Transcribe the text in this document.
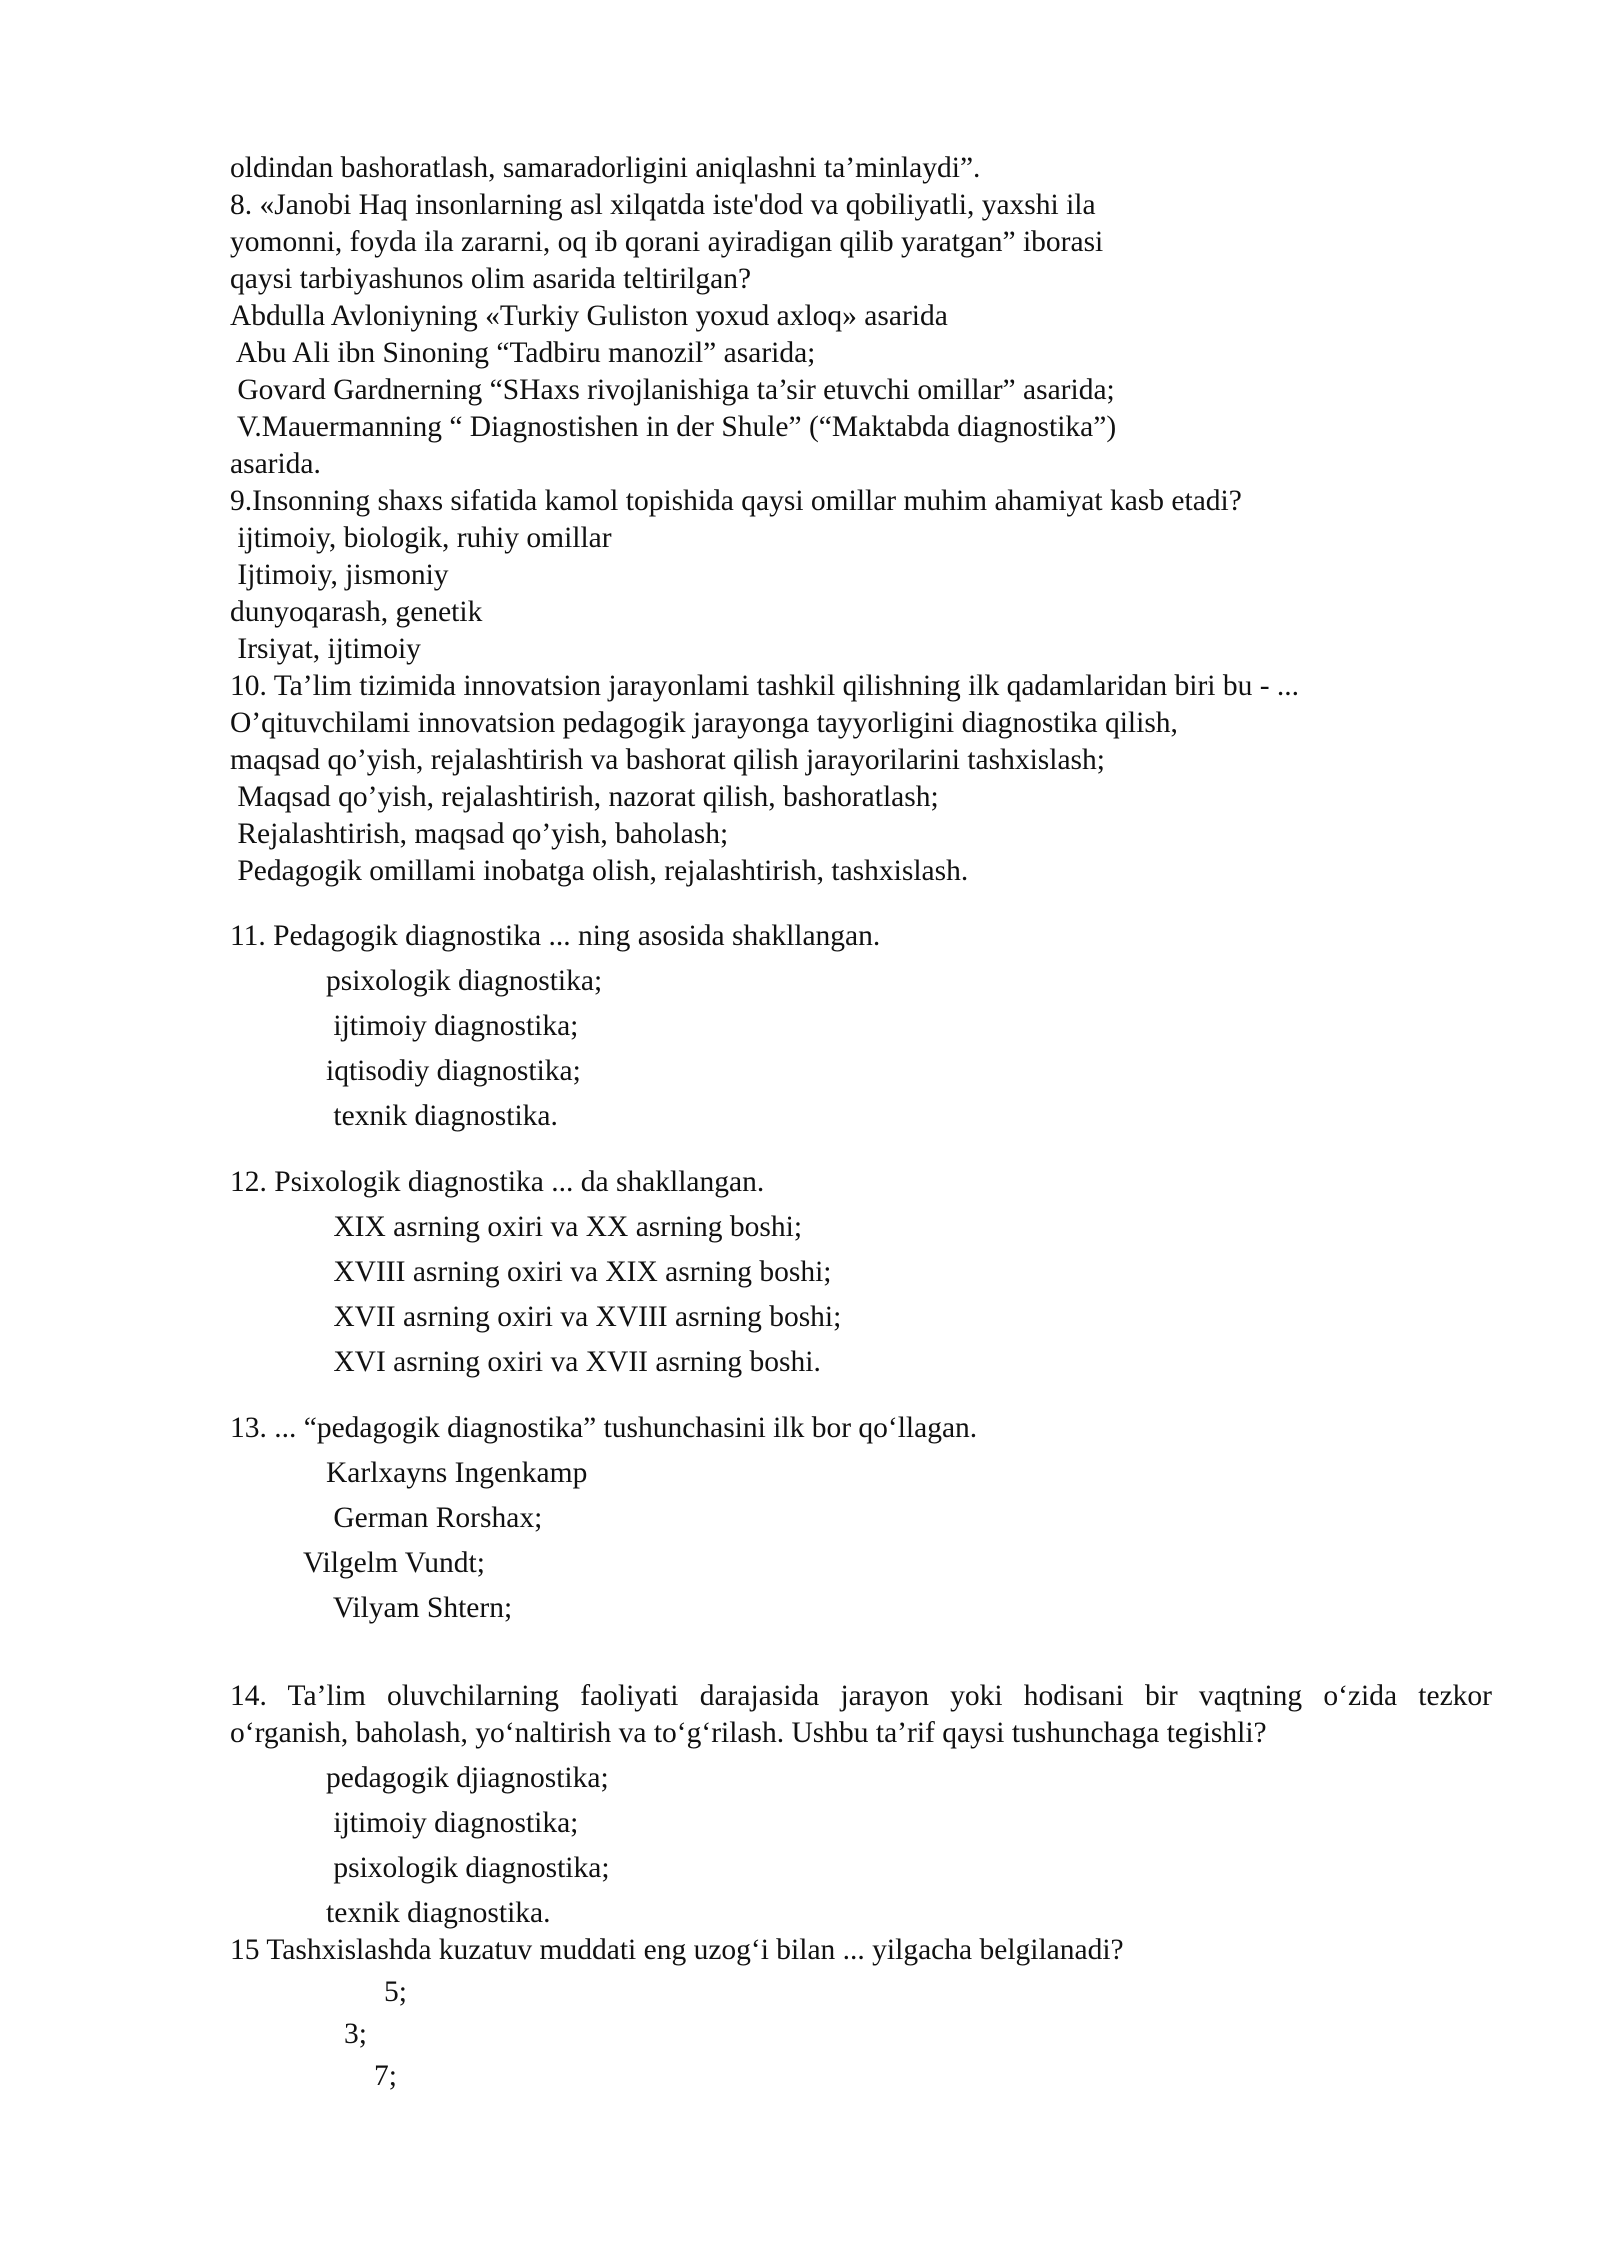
oldindan bashoratlash, samaradorligini aniqlashni ta’minlaydi”.
8. «Janobi Haq insonlarning asl xilqatda iste'dod va qobiliyatli, yaxshi ila
yomonni, foyda ila zararni, oq ib qorani ayiradigan qilib yaratgan” iborasi
qaysi tarbiyashunos olim asarida teltirilgan?
Abdulla Avloniyning «Turkiy Guliston yoxud axloq» asarida
Abu Ali ibn Sinoning “Tadbiru manozil” asarida;
Govard Gardnerning “SHaxs rivojlanishiga ta’sir etuvchi omillar” asarida;
V.Mauermanning “ Diagnostishen in der Shule” (“Maktabda diagnostika”)
asarida.
9.Insonning shaxs sifatida kamol topishida qaysi omillar muhim ahamiyat kasb etadi?
ijtimoiy, biologik, ruhiy omillar
Ijtimoiy, jismoniy
dunyoqarash, genetik
Irsiyat, ijtimoiy
10. Ta’lim tizimida innovatsion jarayonlami tashkil qilishning ilk qadamlaridan biri bu - ...
O’qituvchilami innovatsion pedagogik jarayonga tayyorligini diagnostika qilish,
maqsad qo’yish, rejalashtirish va bashorat qilish jarayorilarini tashxislash;
Maqsad qo’yish, rejalashtirish, nazorat qilish, bashoratlash;
Rejalashtirish, maqsad qo’yish, baholash;
Pedagogik omillami inobatga olish, rejalashtirish, tashxislash.
11. Pedagogik diagnostika ... ning asosida shakllangan.
psixologik diagnostika;
ijtimoiy diagnostika;
iqtisodiy diagnostika;
texnik diagnostika.
12. Psixologik diagnostika ... da shakllangan.
XIX asrning oxiri va XX asrning boshi;
XVIII asrning oxiri va XIX asrning boshi;
XVII asrning oxiri va XVIII asrning boshi;
XVI asrning oxiri va XVII asrning boshi.
13. ... “pedagogik diagnostika” tushunchasini ilk bor qo‘llagan.
Karlxayns Ingenkamp
German Rorshax;
Vilgelm Vundt;
Vilyam Shtern;
14. Ta’lim oluvchilarning faoliyati darajasida jarayon yoki hodisani bir vaqtning o‘zida tezkor
o‘rganish, baholash, yo‘naltirish va to‘g‘rilash. Ushbu ta’rif qaysi tushunchaga tegishli?
pedagogik djiagnostika;
ijtimoiy diagnostika;
psixologik diagnostika;
texnik diagnostika.
15 Tashxislashda kuzatuv muddati eng uzog‘i bilan ... yilgacha belgilanadi?
5;
3;
7;
